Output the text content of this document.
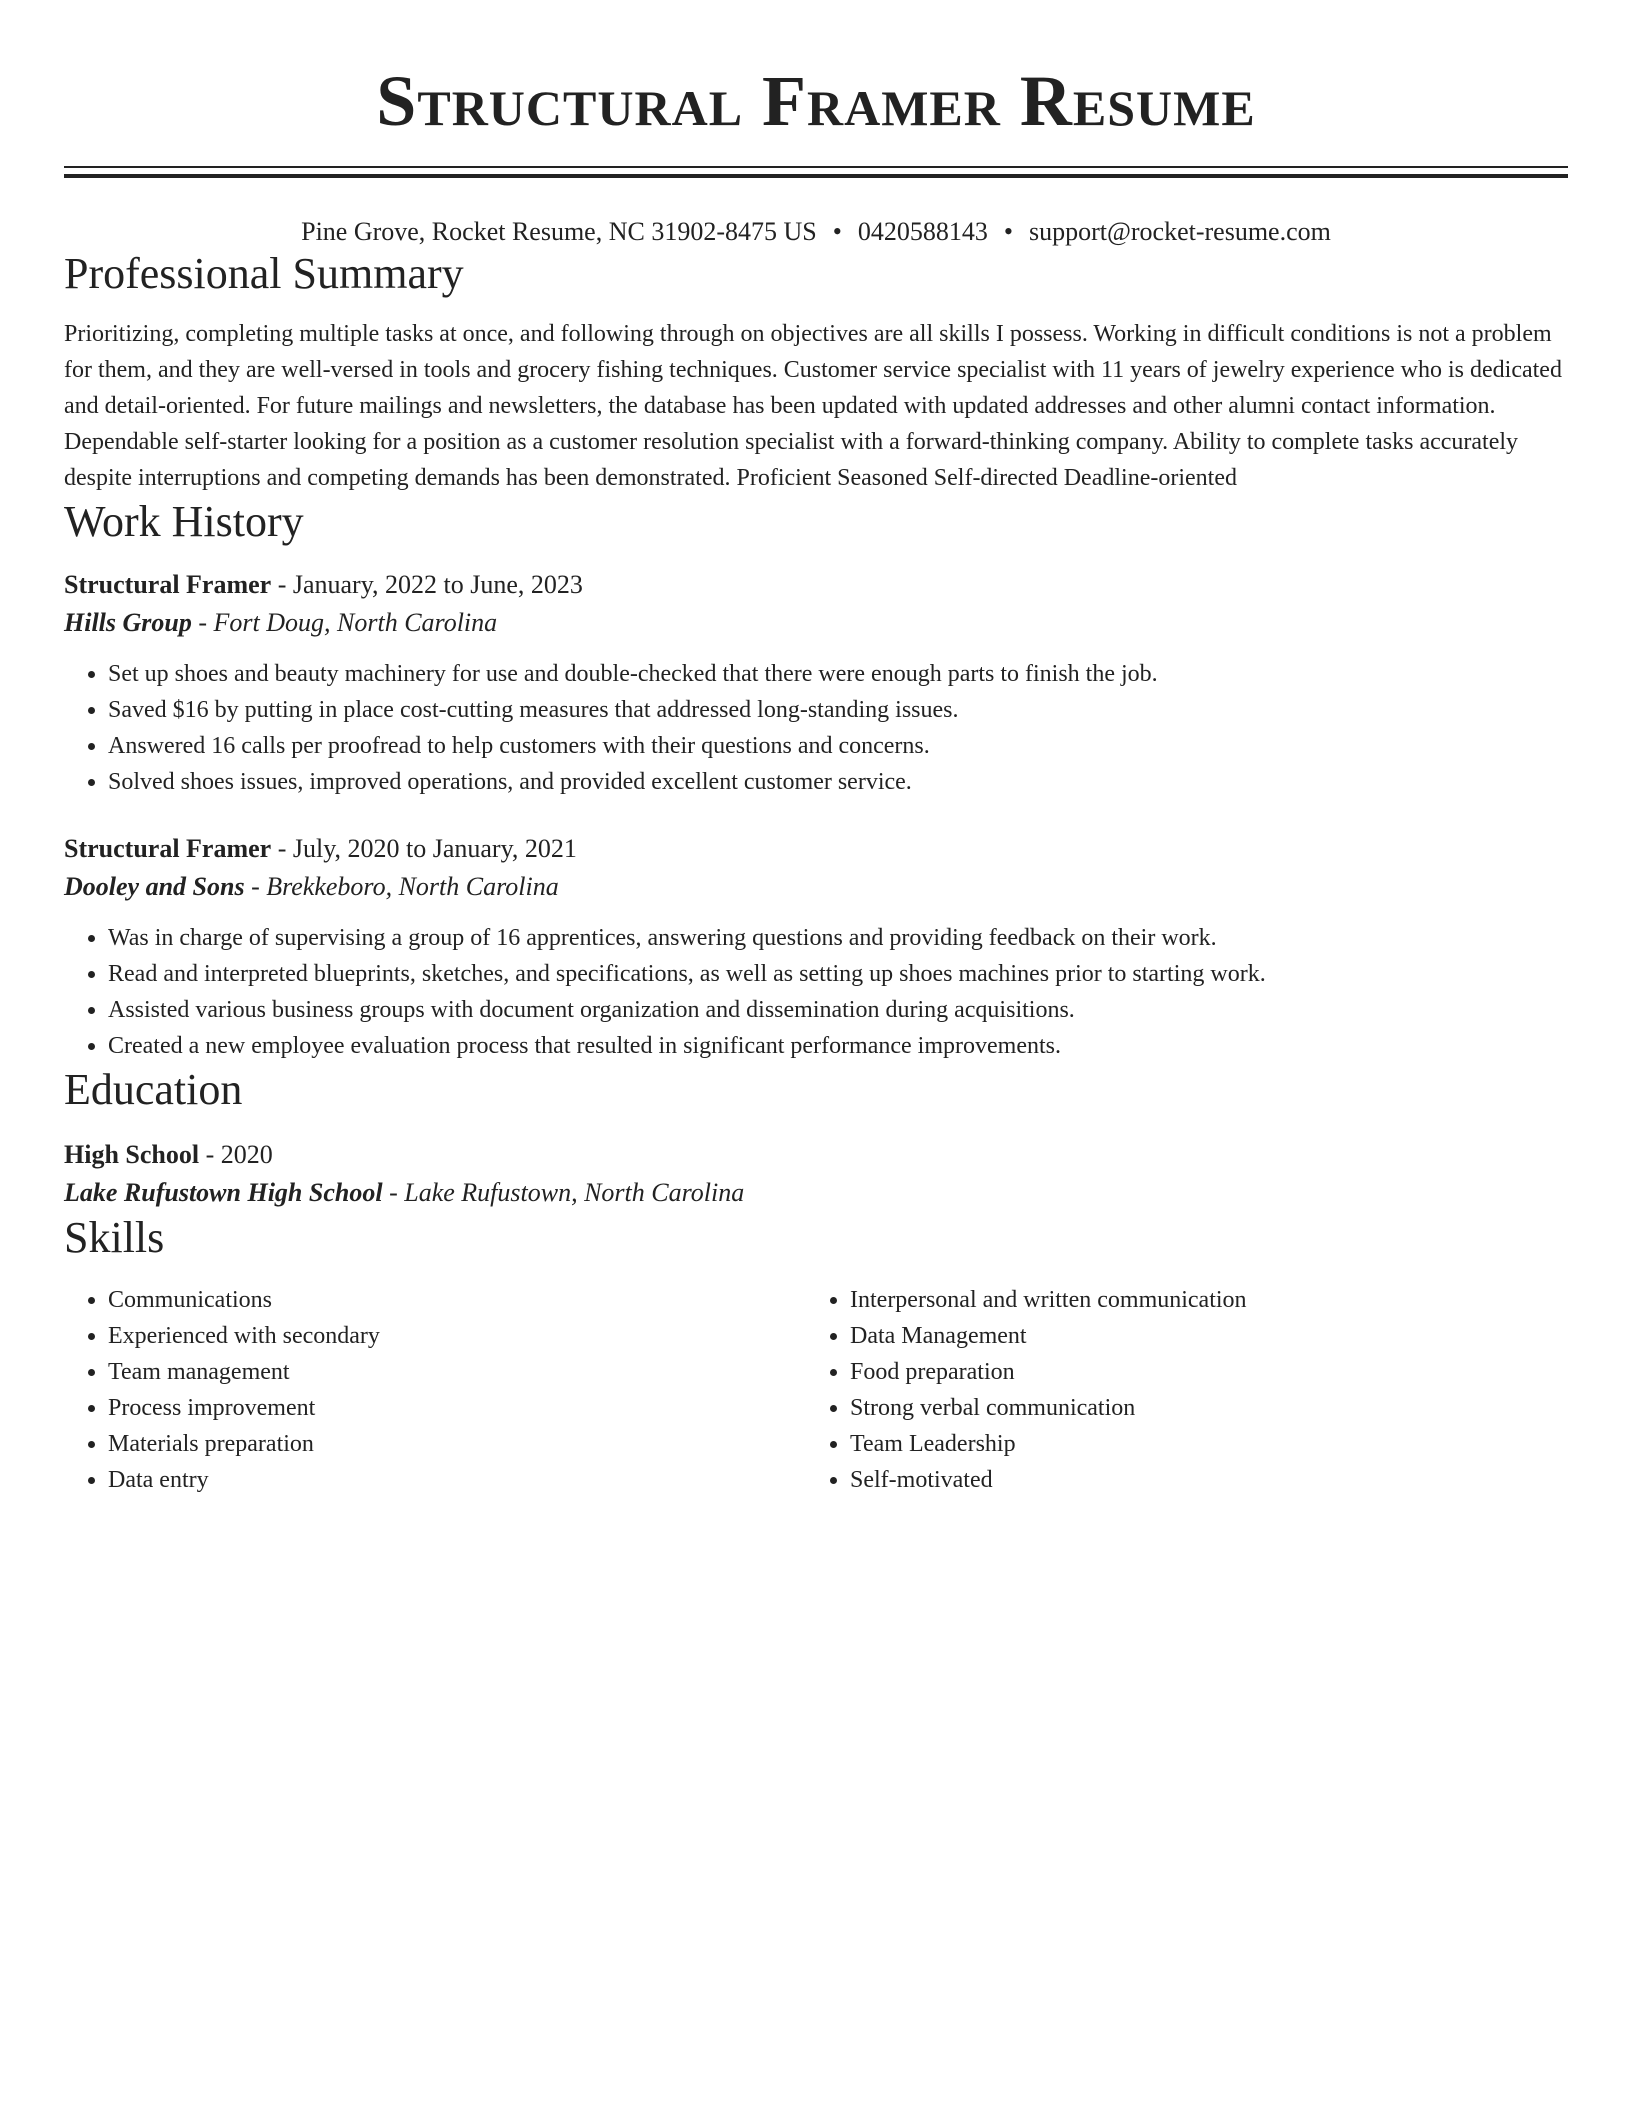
Structural Framer Resume
Pine Grove, Rocket Resume, NC 31902-8475 US • 0420588143 • support@rocket-resume.com
Professional Summary

Prioritizing, completing multiple tasks at once, and following through on objectives are all skills I possess. Working in difficult conditions is not a problem for them, and they are well-versed in tools and grocery fishing techniques. Customer service specialist with 11 years of jewelry experience who is dedicated and detail-oriented. For future mailings and newsletters, the database has been updated with updated addresses and other alumni contact information. Dependable self-starter looking for a position as a customer resolution specialist with a forward-thinking company. Ability to complete tasks accurately despite interruptions and competing demands has been demonstrated. Proficient Seasoned Self-directed Deadline-oriented

Work History
Structural Framer - January, 2022 to June, 2023
Hills Group - Fort Doug, North Carolina
• Set up shoes and beauty machinery for use and double-checked that there were enough parts to finish the job.
• Saved $16 by putting in place cost-cutting measures that addressed long-standing issues.
• Answered 16 calls per proofread to help customers with their questions and concerns.
• Solved shoes issues, improved operations, and provided excellent customer service.
Structural Framer - July, 2020 to January, 2021
Dooley and Sons - Brekkeboro, North Carolina
• Was in charge of supervising a group of 16 apprentices, answering questions and providing feedback on their work.
• Read and interpreted blueprints, sketches, and specifications, as well as setting up shoes machines prior to starting work.
• Assisted various business groups with document organization and dissemination during acquisitions.
• Created a new employee evaluation process that resulted in significant performance improvements.
Education
High School - 2020
Lake Rufustown High School - Lake Rufustown, North Carolina
Skills
• Communications
• Experienced with secondary
• Team management
• Process improvement
• Materials preparation
• Data entry
• Interpersonal and written communication
• Data Management
• Food preparation
• Strong verbal communication
• Team Leadership
• Self-motivated
